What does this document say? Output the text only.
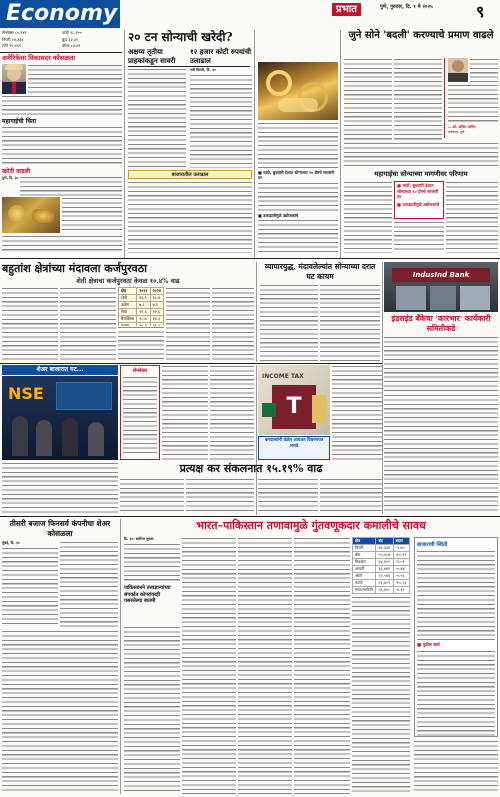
Economy	प्रभात	पुणे, गुरुवार, दि. १ मे २०२५	९
सेन्सेक्स ८०,२४२
निफ्टी २४,३३४
सोने ९५,४६९
चांदी ९८,९००
क्रूड ६२.३०
डॉलर ८४.४९
अमेरिकेचा विकासदर कोसळला
महागाईची चिंता
खरेदी वाढली
पुणे, दि. ३०
२० टन सोन्याची खरेदी?
अक्षय्य तृतीया प्राहकांकडून सावरी
१२ हजार कोटी रुपयांची उलाढाल
नवी दिल्ली, दि. ३०
■ चांदी, बुधवारी देशात सोन्याच्या १० ग्रॅमचे सरासरी दर
■ उलाढालीमुळे उद्योजकांचे
बाजारातील उलाढाल
जुने सोने 'बदली' करण्याचे प्रमाण वाढले
— डॉ. अमित पाटील
अर्थतज्ज्ञ, पुणे
महागाईचा सोन्याच्या मागणीवर परिणाम
■ चांदी, बुधवारी देशात सोन्याच्या १० ग्रॅमचे सरासरी दर
■ उलाढालीमुळे उद्योजकांचे
बहुतांश क्षेत्रांच्या मंदावला कर्जपुरवठा
शेती क्षेत्राचा कर्जपुरवठा केवळ १०.४% वाढ
क्षेत्र	२०२३	२०२४
शेती	१६.९	१०.४
उद्योग	७.८	७.१
सेवा	२२.६	१२.६
वैयक्तिक	२८.७	१४.३

व्यापारयुद्ध, मंदावलेल्यांत सोन्याच्या दरात घट कायम	IndusInd Bank
इंडसइंड बँकेचा 'कारभार' कार्यकारी समितीकडे
शेअर बाजारात घट...
NSE
सेन्सेक्स
प्रत्यक्ष कर संकलनात १५.१९% वाढ
INCOME TAX
T
करदात्यांनी वेळेत आयकर विवरणपत्र भरावे
तीसरी बजाज फिनसर्व कंपनीचा शेअर कोसळला
मुंबई, दि. ३०
भारत–पाकिस्तान तणावामुळे गुंतवणूकदार कमालीचे सावध
दि. ३०: सर्वोच्च सुरक्षा
पाकिस्तानने तत्त्वज्ञान्यांच्या संपर्कात कोपरांवरही घसरलेल्या बातमी
क्षेत्र	बंद	बदल
निफ्टी	२४,३३४	-२.७५
बँक	५५,०८७	+०.१२
मिडकॅप	५४,१०२	-१.०१
आयटी	३६,४४१	-०.४४
ऑटो	२२,५१४	-०.५६
फार्मा	२१,६०९	+०.२३
एफएमसीजी	५६,४५८	-०.३२
बाजाराची स्थिती
■ पुढील खर्च
